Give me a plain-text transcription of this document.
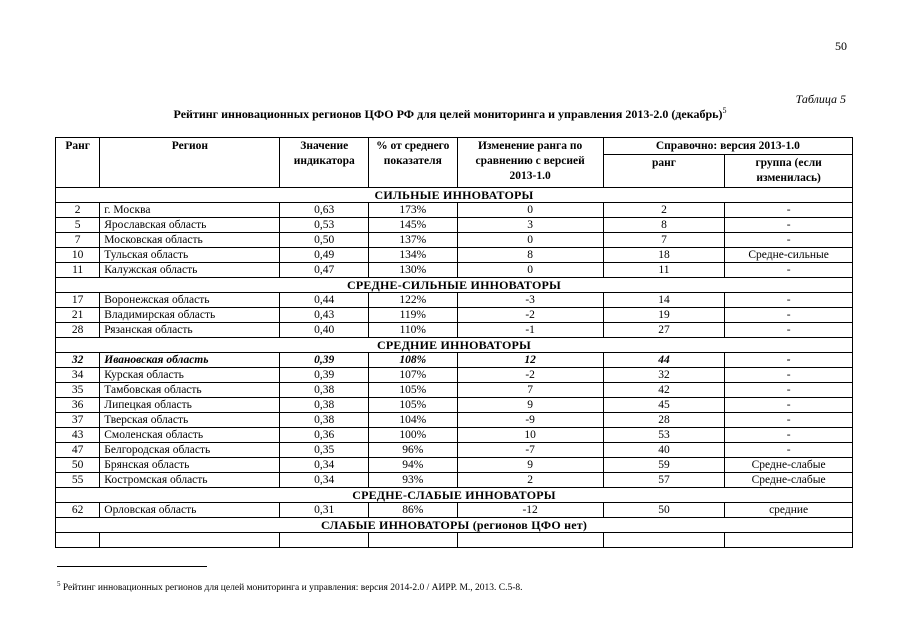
50
Таблица 5
Рейтинг инновационных регионов ЦФО РФ для целей мониторинга и управления 2013-2.0 (декабрь)$^5$
Ранг	Регион	Значение индикатора	% от среднего показателя	Изменение ранга по сравнению с версией 2013-1.0	Справочно: версия 2013-1.0	
					ранг	группа (если изменилась)
СИЛЬНЫЕ ИННОВАТОРЫ						
2	г. Москва	0,63	173%	0	2	-
5	Ярославская область	0,53	145%	3	8	-
7	Московская область	0,50	137%	0	7	-
10	Тульская область	0,49	134%	8	18	Средне-сильные
11	Калужская область	0,47	130%	0	11	-
СРЕДНЕ-СИЛЬНЫЕ ИННОВАТОРЫ						
17	Воронежская область	0,44	122%	-3	14	-
21	Владимирская область	0,43	119%	-2	19	-
28	Рязанская область	0,40	110%	-1	27	-
СРЕДНИЕ ИННОВАТОРЫ						
32	Ивановская область	0,39	108%	12	44	-
34	Курская область	0,39	107%	-2	32	-
35	Тамбовская область	0,38	105%	7	42	-
36	Липецкая область	0,38	105%	9	45	-
37	Тверская область	0,38	104%	-9	28	-
43	Смоленская область	0,36	100%	10	53	-
47	Белгородская область	0,35	96%	-7	40	-
50	Брянская область	0,34	94%	9	59	Средне-слабые
55	Костромская область	0,34	93%	2	57	Средне-слабые
СРЕДНЕ-СЛАБЫЕ ИННОВАТОРЫ						
62	Орловская область	0,31	86%	-12	50	средние
СЛАБЫЕ ИННОВАТОРЫ (регионов ЦФО нет)						

$^5$ Рейтинг инновационных регионов для целей мониторинга и управления: версия 2014-2.0 / АИРР. М., 2013. С.5-8.
